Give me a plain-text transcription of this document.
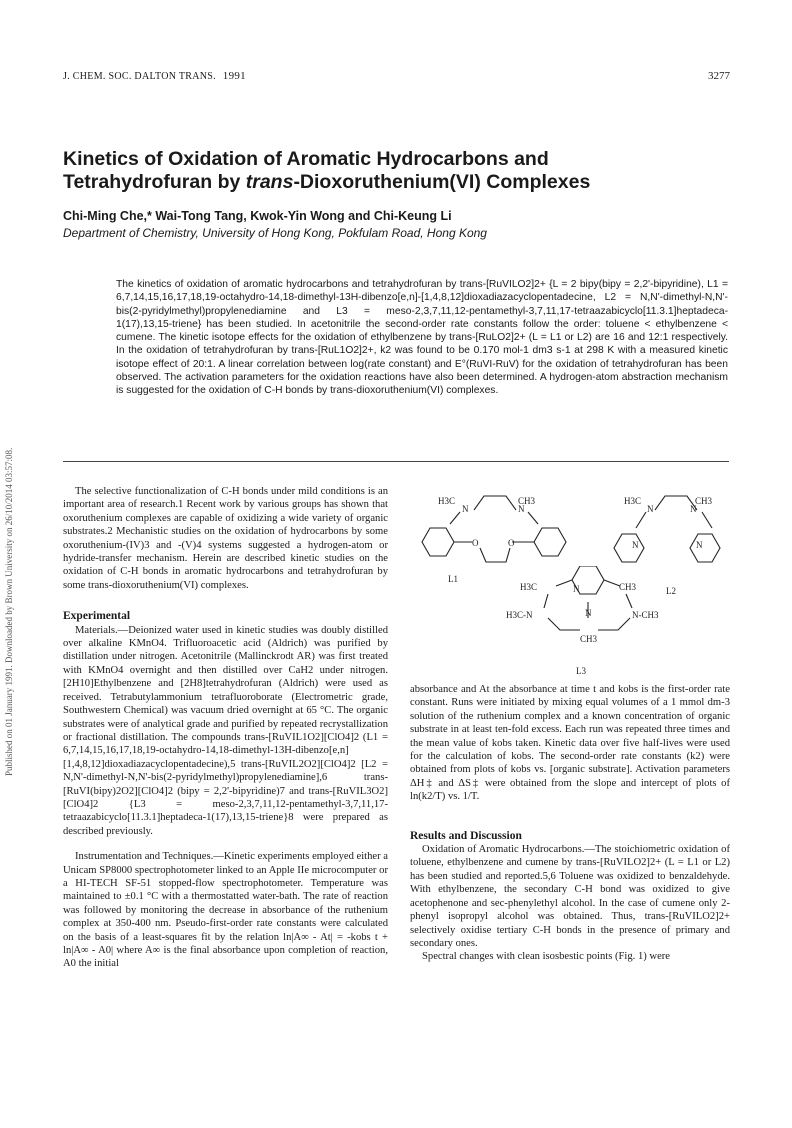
Published on 01 January 1991. Downloaded by Brown University on 26/10/2014 03:57:08.
J. CHEM. SOC. DALTON TRANS. 1991	3277
Kinetics of Oxidation of Aromatic Hydrocarbons and
Tetrahydrofuran by trans-Dioxoruthenium(VI) Complexes
Chi-Ming Che,* Wai-Tong Tang, Kwok-Yin Wong and Chi-Keung Li
Department of Chemistry, University of Hong Kong, Pokfulam Road, Hong Kong
The kinetics of oxidation of aromatic hydrocarbons and tetrahydrofuran by trans-[RuVILO2]2+ {L = 2 bipy(bipy = 2,2'-bipyridine), L1 = 6,7,14,15,16,17,18,19-octahydro-14,18-dimethyl-13H-dibenzo[e,n]-[1,4,8,12]dioxadiazacyclopentadecine, L2 = N,N'-dimethyl-N,N'-bis(2-pyridylmethyl)propylenediamine and L3 = meso-2,3,7,11,12-pentamethyl-3,7,11,17-tetraazabicyclo[11.3.1]heptadeca-1(17),13,15-triene} has been studied. In acetonitrile the second-order rate constants follow the order: toluene < ethylbenzene < cumene. The kinetic isotope effects for the oxidation of ethylbenzene by trans-[RuLO2]2+ (L = L1 or L2) are 16 and 12:1 respectively. In the oxidation of tetrahydrofuran by trans-[RuL1O2]2+, k2 was found to be 0.170 mol-1 dm3 s-1 at 298 K with a measured kinetic isotope effect of 20:1. A linear correlation between log(rate constant) and E°(RuVI-RuV) for the oxidation of tetrahydrofuran has been observed. The activation parameters for the oxidation reactions have also been determined. A hydrogen-atom abstraction mechanism is suggested for the oxidation of C-H bonds by trans-dioxoruthenium(VI) complexes.

The selective functionalization of C-H bonds under mild conditions is an important area of research.1 Recent work by various groups has shown that oxoruthenium complexes are capable of oxidizing a wide variety of organic substrates.2 Mechanistic studies on the oxidation of hydrocarbons by some oxoruthenium-(IV)3 and -(V)4 systems suggested a hydrogen-atom or hydride-transfer mechanism. Herein are described kinetic studies on the oxidation of C-H bonds in aromatic hydrocarbons and tetrahydrofuran by some trans-dioxoruthenium(VI) complexes.

Experimental

Materials.—Deionized water used in kinetic studies was doubly distilled over alkaline KMnO4. Trifluoroacetic acid (Aldrich) was purified by distillation under nitrogen. Acetonitrile (Mallinckrodt AR) was first treated with KMnO4 overnight and then distilled over CaH2 under nitrogen. [2H10]Ethylbenzene and [2H8]tetrahydrofuran (Aldrich) were used as received. Tetrabutylammonium tetrafluoroborate (Electrometric grade, Southwestern Chemical) was vacuum dried overnight at 65 °C. The organic substrates were of analytical grade and purified by repeated recrystallization or fractional distillation. The compounds trans-[RuVIL1O2][ClO4]2 (L1 = 6,7,14,15,16,17,18,19-octahydro-14,18-dimethyl-13H-dibenzo[e,n][1,4,8,12]dioxadiazacyclopentadecine),5 trans-[RuVIL2O2][ClO4]2 [L2 = N,N'-dimethyl-N,N'-bis(2-pyridylmethyl)propylenediamine],6 trans-[RuVI(bipy)2O2][ClO4]2 (bipy = 2,2'-bipyridine)7 and trans-[RuVIL3O2][ClO4]2 {L3 = meso-2,3,7,11,12-pentamethyl-3,7,11,17-tetraazabicyclo[11.3.1]heptadeca-1(17),13,15-triene}8 were prepared as described previously.

Instrumentation and Techniques.—Kinetic experiments employed either a Unicam SP8000 spectrophotometer linked to an Apple IIe microcomputer or a HI-TECH SF-51 stopped-flow spectrophotometer. Temperature was maintained to ±0.1 °C with a thermostatted water-bath. The rate of reaction was followed by monitoring the decrease in absorbance of the ruthenium complex at 350-400 nm. Pseudo-first-order rate constants were calculated on the basis of a least-squares fit by the relation ln|A∞ - At| = -kobs t + ln|A∞ - A0| where A∞ is the final absorbance upon completion of reaction, A0 the initial

H3C	CH3
N	N
O	O
L1
H3C	CH3
N	N
N	N
L2
H3C	CH3
N
H3C-N	N-CH3
N
CH3
L3

absorbance and At the absorbance at time t and kobs is the first-order rate constant. Runs were initiated by mixing equal volumes of a 1 mmol dm-3 solution of the ruthenium complex and a known concentration of organic substrate in at least ten-fold excess. Each run was repeated three times and the mean value of kobs taken. Kinetic data over five half-lives were used for the calculation of kobs. The second-order rate constants (k2) were obtained from plots of kobs vs. [organic substrate]. Activation parameters ΔH‡ and ΔS‡ were obtained from the slope and intercept of plots of ln(k2/T) vs. 1/T.

Results and Discussion

Oxidation of Aromatic Hydrocarbons.—The stoichiometric oxidation of toluene, ethylbenzene and cumene by trans-[RuVILO2]2+ (L = L1 or L2) has been studied and reported.5,6 Toluene was oxidized to benzaldehyde. With ethylbenzene, the secondary C-H bond was oxidized to give acetophenone and sec-phenylethyl alcohol. In the case of cumene only 2-phenyl isopropyl alcohol was obtained. Thus, trans-[RuVILO2]2+ selectively oxidise tertiary C-H bonds in the presence of primary and secondary ones.

Spectral changes with clean isosbestic points (Fig. 1) were
